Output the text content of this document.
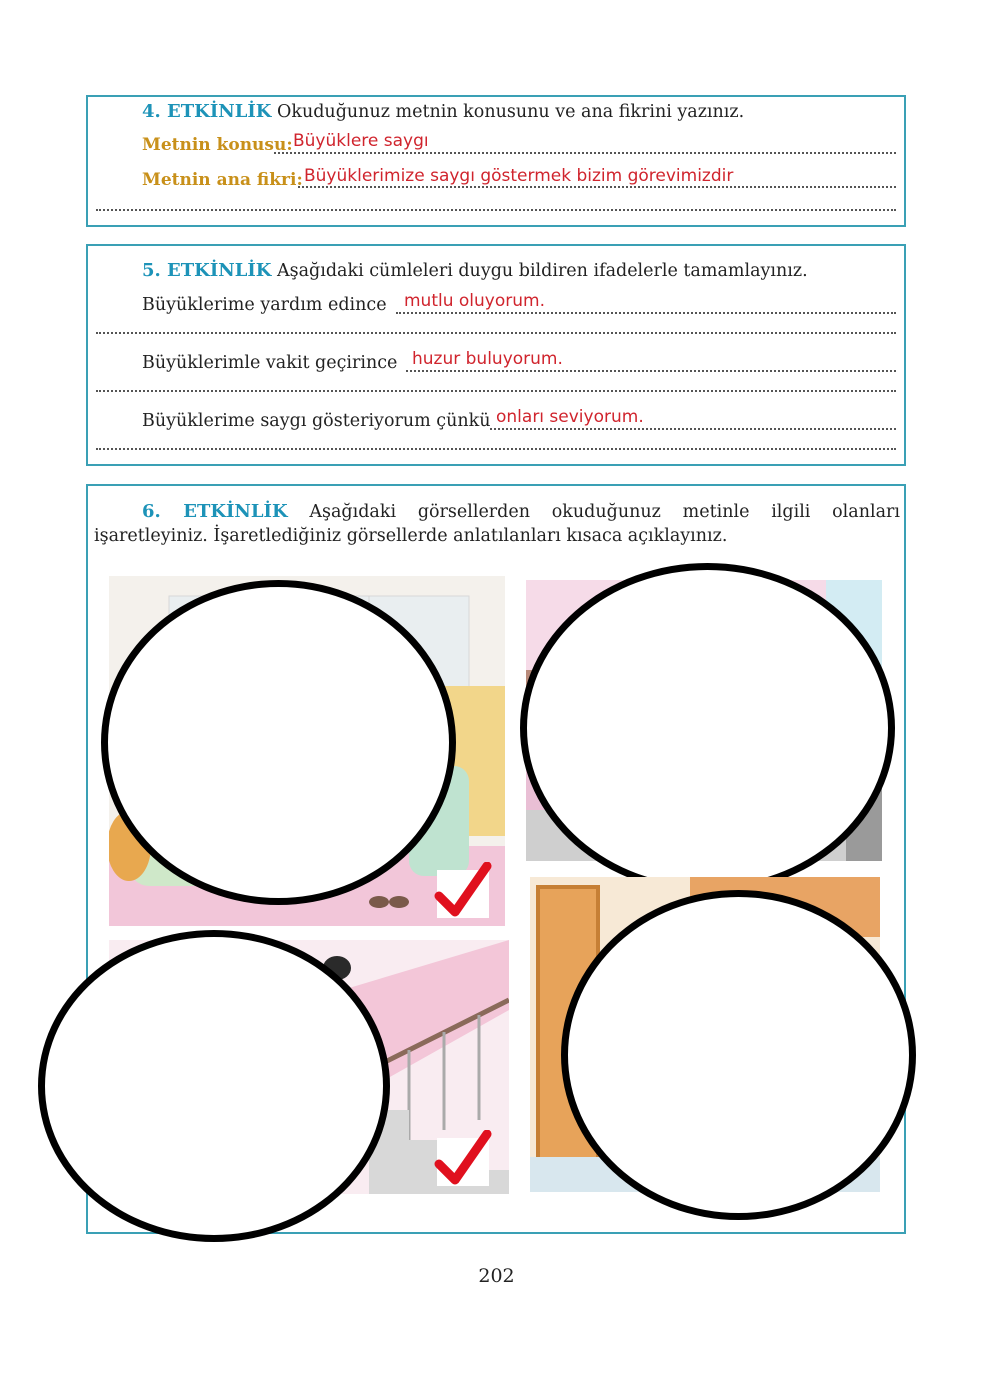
4. ETKİNLİK Okuduğunuz metnin konusunu ve ana fikrini yazınız.
Metnin konusu: Büyüklere saygı
Metnin ana fikri: Büyüklerimize saygı göstermek bizim görevimizdir
5. ETKİNLİK Aşağıdaki cümleleri duygu bildiren ifadelerle tamamlayınız.
Büyüklerime yardım edince mutlu oluyorum.
Büyüklerimle vakit geçirince huzur buluyorum.
Büyüklerime saygı gösteriyorum çünkü onları seviyorum.
6. ETKİNLİK Aşağıdaki görsellerden okuduğunuz metinle ilgili olanları işaretleyiniz. İşaretlediğiniz görsellerde anlatılanları kısaca açıklayınız.
202
